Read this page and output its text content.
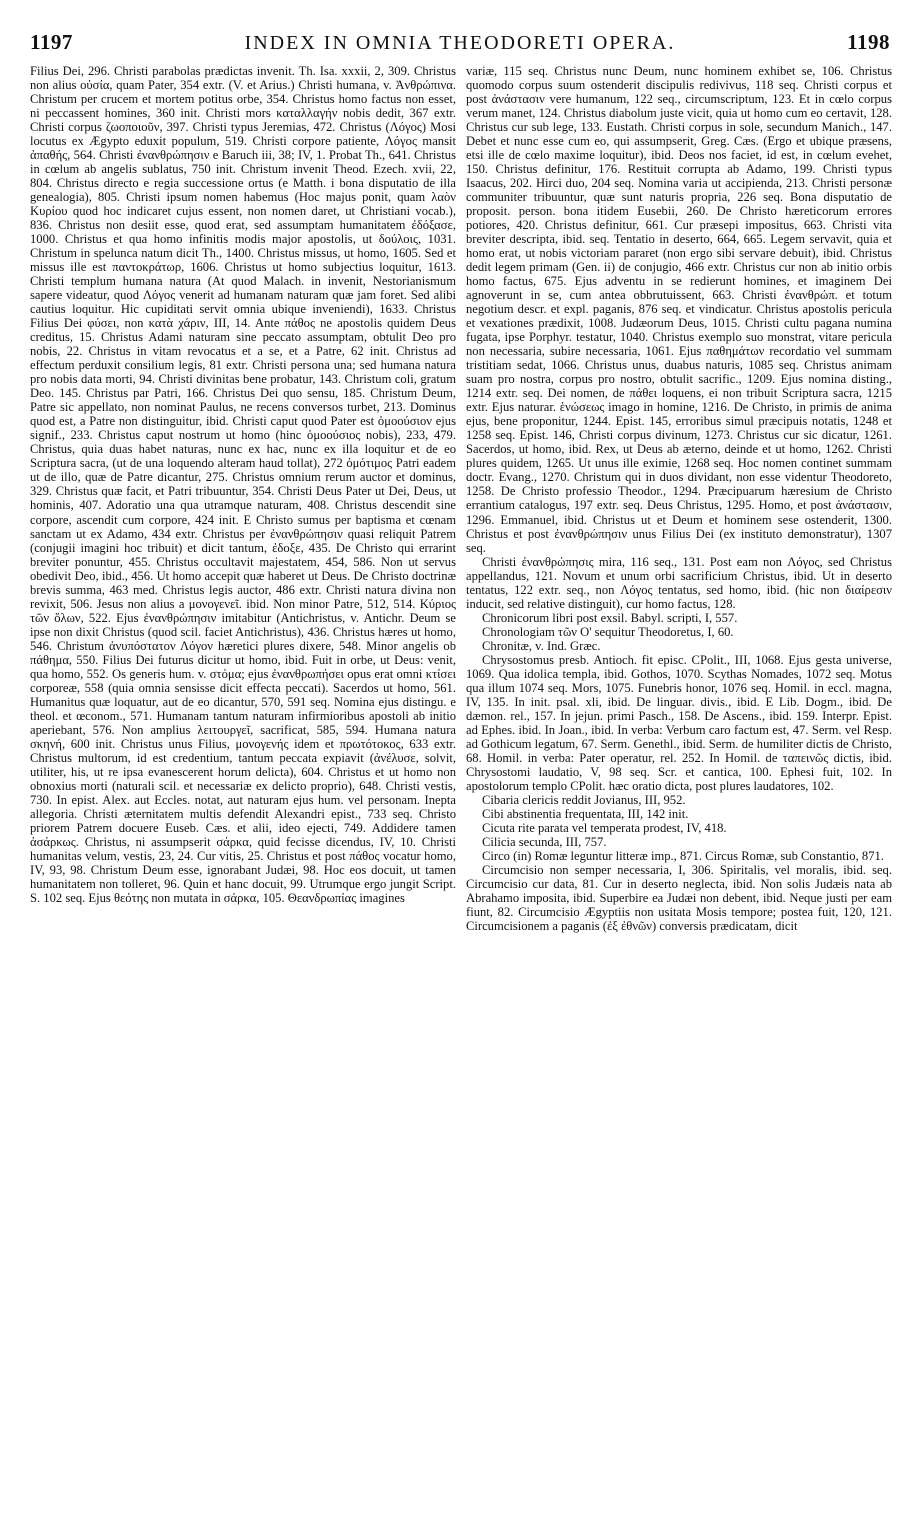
1197	INDEX IN OMNIA THEODORETI OPERA.	1198

Filius Dei, 296. Christi parabolas prædictas invenit. Th. Isa. xxxii, 2, 309. Christus non alius οὐσία, quam Pater, 354 extr. (V. et Arius.) Christi humana, v. Ἀνθρώπινα. Christum per crucem et mortem potitus orbe, 354. Christus homo factus non esset, ni peccassent homines, 360 init. Christi mors καταλλαγήν nobis dedit, 367 extr. Christi corpus ζωοποιοῦν, 397. Christi typus Jeremias, 472. Christus (Λόγος) Mosi locutus ex Ægypto eduxit populum, 519. Christi corpore patiente, Λόγος mansit ἀπαθής, 564. Christi ἐνανθρώπησιν e Baruch iii, 38; IV, 1. Probat Th., 641. Christus in cœlum ab angelis sublatus, 750 init. Christum invenit Theod. Ezech. xvii, 22, 804. Christus directo e regia successione ortus (e Matth. i bona disputatio de illa genealogia), 805. Christi ipsum nomen habemus (Hoc majus ponit, quam λαὸν Κυρίου quod hoc indicaret cujus essent, non nomen daret, ut Christiani vocab.), 836. Christus non desiit esse, quod erat, sed assumptam humanitatem ἐδόξασε, 1000. Christus et qua homo infinitis modis major apostolis, ut δούλοις, 1031. Christum in spelunca natum dicit Th., 1400. Christus missus, ut homo, 1605. Sed et missus ille est παντοκράτωρ, 1606. Christus ut homo subjectius loquitur, 1613. Christi templum humana natura (At quod Malach. in invenit, Nestorianismum sapere videatur, quod Λόγος venerit ad humanam naturam quæ jam foret. Sed alibi cautius loquitur. Hic cupiditati servit omnia ubique inveniendi), 1633. Christus Filius Dei φύσει, non κατὰ χάριν, III, 14. Ante πάθος ne apostolis quidem Deus creditus, 15. Christus Adami naturam sine peccato assumptam, obtulit Deo pro nobis, 22. Christus in vitam revocatus et a se, et a Patre, 62 init. Christus ad effectum perduxit consilium legis, 81 extr. Christi persona una; sed humana natura pro nobis data morti, 94. Christi divinitas bene probatur, 143. Christum coli, gratum Deo. 145. Christus par Patri, 166. Christus Dei quo sensu, 185. Christum Deum, Patre sic appellato, non nominat Paulus, ne recens conversos turbet, 213. Dominus quod est, a Patre non distinguitur, ibid. Christi caput quod Pater est ὁμοούσιον ejus signif., 233. Christus caput nostrum ut homo (hinc ὁμοούσιος nobis), 233, 479. Christus, quia duas habet naturas, nunc ex hac, nunc ex illa loquitur et de eo Scriptura sacra, (ut de una loquendo alteram haud tollat), 272 ὁμότιμος Patri eadem ut de illo, quæ de Patre dicantur, 275. Christus omnium rerum auctor et dominus, 329. Christus quæ facit, et Patri tribuuntur, 354. Christi Deus Pater ut Dei, Deus, ut hominis, 407. Adoratio una qua utramque naturam, 408. Christus descendit sine corpore, ascendit cum corpore, 424 init. E Christo sumus per baptisma et cœnam sanctam ut ex Adamo, 434 extr. Christus per ἐνανθρώπησιν quasi reliquit Patrem (conjugii imagini hoc tribuit) et dicit tantum, ἐδοξε, 435. De Christo qui errarint breviter ponuntur, 455. Christus occultavit majestatem, 454, 586. Non ut servus obedivit Deo, ibid., 456. Ut homo accepit quæ haberet ut Deus. De Christo doctrinæ brevis summa, 463 med. Christus legis auctor, 486 extr. Christi natura divina non revixit, 506. Jesus non alius a μονογενεῖ. ibid. Non minor Patre, 512, 514. Κύριος τῶν ὅλων, 522. Ejus ἐνανθρώπησιν imitabitur (Antichristus, v. Antichr. Deum se ipse non dixit Christus (quod scil. faciet Antichristus), 436. Christus hæres ut homo, 546. Christum ἀνυπόστατον Λόγον hæretici plures dixere, 548. Minor angelis ob πάθημα, 550. Filius Dei futurus dicitur ut homo, ibid. Fuit in orbe, ut Deus: venit, qua homo, 552. Os generis hum. v. στόμα; ejus ἐνανθρωπήσει opus erat omni κτίσει corporeæ, 558 (quia omnia sensisse dicit effecta peccati). Sacerdos ut homo, 561. Humanitus quæ loquatur, aut de eo dicantur, 570, 591 seq. Nomina ejus distingu. e theol. et œconom., 571. Humanam tantum naturam infirmioribus apostoli ab initio aperiebant, 576. Non amplius λειτουργεῖ, sacrificat, 585, 594. Humana natura σκηνή, 600 init. Christus unus Filius, μονογενής idem et πρωτότοκος, 633 extr. Christus multorum, id est credentium, tantum peccata expiavit (ἀνέλυσε, solvit, utiliter, his, ut re ipsa evanescerent horum delicta), 604. Christus et ut homo non obnoxius morti (naturali scil. et necessariæ ex delicto proprio), 648. Christi vestis, 730. In epist. Alex. aut Eccles. notat, aut naturam ejus hum. vel personam. Inepta allegoria. Christi æternitatem multis defendit Alexandri epist., 733 seq. Christo priorem Patrem docuere Euseb. Cæs. et alii, ideo ejecti, 749. Addidere tamen ἀσάρκως. Christus, ni assumpserit σάρκα, quid fecisse dicendus, IV, 10. Christi humanitas velum, vestis, 23, 24. Cur vitis, 25. Christus et post πάθος vocatur homo, IV, 93, 98. Christum Deum esse, ignorabant Judæi, 98. Hoc eos docuit, ut tamen humanitatem non tolleret, 96. Quin et hanc docuit, 99. Utrumque ergo jungit Script. S. 102 seq. Ejus θεότης non mutata in σάρκα, 105. Θεανδρωπίας imagines

variæ, 115 seq. Christus nunc Deum, nunc hominem exhibet se, 106. Christus quomodo corpus suum ostenderit discipulis redivivus, 118 seq. Christi corpus et post ἀνάστασιν vere humanum, 122 seq., circumscriptum, 123. Et in cœlo corpus verum manet, 124. Christus diabolum juste vicit, quia ut homo cum eo certavit, 128. Christus cur sub lege, 133. Eustath. Christi corpus in sole, secundum Manich., 147. Debet et nunc esse cum eo, qui assumpserit, Greg. Cæs. (Ergo et ubique præsens, etsi ille de cœlo maxime loquitur), ibid. Deos nos faciet, id est, in cœlum evehet, 150. Christus definitur, 176. Restituit corrupta ab Adamo, 199. Christi typus Isaacus, 202. Hirci duo, 204 seq. Nomina varia ut accipienda, 213. Christi personæ communiter tribuuntur, quæ sunt naturis propria, 226 seq. Bona disputatio de proposit. person. bona itidem Eusebii, 260. De Christo hæreticorum errores potiores, 420. Christus definitur, 661. Cur præsepi impositus, 663. Christi vita breviter descripta, ibid. seq. Tentatio in deserto, 664, 665. Legem servavit, quia et homo erat, ut nobis victoriam pararet (non ergo sibi servare debuit), ibid. Christus dedit legem primam (Gen. ii) de conjugio, 466 extr. Christus cur non ab initio orbis homo factus, 675. Ejus adventu in se redierunt homines, et imaginem Dei agnoverunt in se, cum antea obbrutuissent, 663. Christi ἐνανθρώπ. et totum negotium descr. et expl. paganis, 876 seq. et vindicatur. Christus apostolis pericula et vexationes prædixit, 1008. Judæorum Deus, 1015. Christi cultu pagana numina fugata, ipse Porphyr. testatur, 1040. Christus exemplo suo monstrat, vitare pericula non necessaria, subire necessaria, 1061. Ejus παθημάτων recordatio vel summam tristitiam sedat, 1066. Christus unus, duabus naturis, 1085 seq. Christus animam suam pro nostra, corpus pro nostro, obtulit sacrific., 1209. Ejus nomina disting., 1214 extr. seq. Dei nomen, de πάθει loquens, ei non tribuit Scriptura sacra, 1215 extr. Ejus naturar. ἑνώσεως imago in homine, 1216. De Christo, in primis de anima ejus, bene proponitur, 1244. Epist. 145, erroribus simul præcipuis notatis, 1248 et 1258 seq. Epist. 146, Christi corpus divinum, 1273. Christus cur sic dicatur, 1261. Sacerdos, ut homo, ibid. Rex, ut Deus ab æterno, deinde et ut homo, 1262. Christi plures quidem, 1265. Ut unus ille eximie, 1268 seq. Hoc nomen continet summam doctr. Evang., 1270. Christum qui in duos dividant, non esse videntur Theodoreto, 1258. De Christo professio Theodor., 1294. Præcipuarum hæresium de Christo errantium catalogus, 197 extr. seq. Deus Christus, 1295. Homo, et post ἀνάστασιν, 1296. Emmanuel, ibid. Christus ut et Deum et hominem sese ostenderit, 1300. Christus et post ἐνανθρώπησιν unus Filius Dei (ex instituto demonstratur), 1307 seq.

Christi ἐνανθρώπησις mira, 116 seq., 131. Post eam non Λόγος, sed Christus appellandus, 121. Novum et unum orbi sacrificium Christus, ibid. Ut in deserto tentatus, 122 extr. seq., non Λόγος tentatus, sed homo, ibid. (hic non διαίρεσιν inducit, sed relative distinguit), cur homo factus, 128.

Chronicorum libri post exsil. Babyl. scripti, I, 557.

Chronologiam τῶν Ο' sequitur Theodoretus, I, 60.

Chronitæ, v. Ind. Græc.

Chrysostomus presb. Antioch. fit episc. CPolit., III, 1068. Ejus gesta universe, 1069. Qua idolica templa, ibid. Gothos, 1070. Scythas Nomades, 1072 seq. Motus qua illum 1074 seq. Mors, 1075. Funebris honor, 1076 seq. Homil. in eccl. magna, IV, 135. In init. psal. xli, ibid. De linguar. divis., ibid. E Lib. Dogm., ibid. De dæmon. rel., 157. In jejun. primi Pasch., 158. De Ascens., ibid. 159. Interpr. Epist. ad Ephes. ibid. In Joan., ibid. In verba: Verbum caro factum est, 47. Serm. vel Resp. ad Gothicum legatum, 67. Serm. Genethl., ibid. Serm. de humiliter dictis de Christo, 68. Homil. in verba: Pater operatur, rel. 252. In Homil. de ταπεινῶς dictis, ibid. Chrysostomi laudatio, V, 98 seq. Scr. et cantica, 100. Ephesi fuit, 102. In apostolorum templo CPolit. hæc oratio dicta, post plures laudatores, 102.

Cibaria clericis reddit Jovianus, III, 952.

Cibi abstinentia frequentata, III, 142 init.

Cicuta rite parata vel temperata prodest, IV, 418.

Cilicia secunda, III, 757.

Circo (in) Romæ leguntur litteræ imp., 871. Circus Romæ, sub Constantio, 871.

Circumcisio non semper necessaria, I, 306. Spiritalis, vel moralis, ibid. seq. Circumcisio cur data, 81. Cur in deserto neglecta, ibid. Non solis Judæis nata ab Abrahamo imposita, ibid. Superbire ea Judæi non debent, ibid. Neque justi per eam fiunt, 82. Circumcisio Ægyptiis non usitata Mosis tempore; postea fuit, 120, 121. Circumcisionem a paganis (ἐξ ἐθνῶν) conversis prædicatam, dicit
